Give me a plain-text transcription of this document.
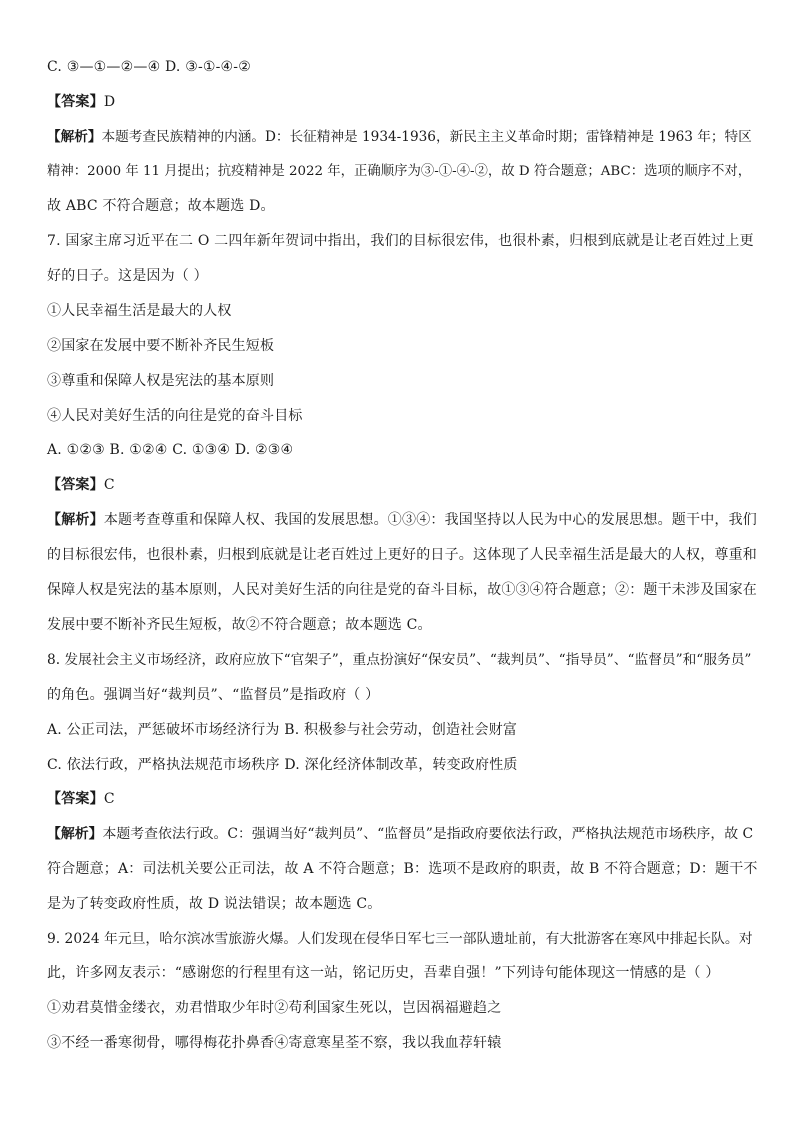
C. ③—①—②—④ D. ③-①-④-②
【答案】D
【解析】本题考查民族精神的内涵。D：长征精神是 1934-1936，新民主主义革命时期；雷锋精神是 1963 年；特区
精神：2000 年 11 月提出；抗疫精神是 2022 年，正确顺序为③-①-④-②，故 D 符合题意；ABC：选项的顺序不对，
故 ABC 不符合题意；故本题选 D。
7. 国家主席习近平在二 O 二四年新年贺词中指出，我们的目标很宏伟，也很朴素，归根到底就是让老百姓过上更
好的日子。这是因为（ ）
①人民幸福生活是最大的人权
②国家在发展中要不断补齐民生短板
③尊重和保障人权是宪法的基本原则
④人民对美好生活的向往是党的奋斗目标
A. ①②③ B. ①②④ C. ①③④ D. ②③④
【答案】C
【解析】本题考查尊重和保障人权、我国的发展思想。①③④：我国坚持以人民为中心的发展思想。题干中，我们
的目标很宏伟，也很朴素，归根到底就是让老百姓过上更好的日子。这体现了人民幸福生活是最大的人权，尊重和
保障人权是宪法的基本原则，人民对美好生活的向往是党的奋斗目标，故①③④符合题意；②：题干未涉及国家在
发展中要不断补齐民生短板，故②不符合题意；故本题选 C。
8. 发展社会主义市场经济，政府应放下“官架子”，重点扮演好“保安员”、“裁判员”、“指导员”、“监督员”和“服务员”
的角色。强调当好“裁判员”、“监督员”是指政府（ ）
A. 公正司法，严惩破坏市场经济行为 B. 积极参与社会劳动，创造社会财富
C. 依法行政，严格执法规范市场秩序 D. 深化经济体制改革，转变政府性质
【答案】C
【解析】本题考查依法行政。C：强调当好“裁判员”、“监督员”是指政府要依法行政，严格执法规范市场秩序，故 C
符合题意；A：司法机关要公正司法，故 A 不符合题意；B：选项不是政府的职责，故 B 不符合题意；D：题干不
是为了转变政府性质，故 D 说法错误；故本题选 C。
9. 2024 年元旦，哈尔滨冰雪旅游火爆。人们发现在侵华日军七三一部队遗址前，有大批游客在寒风中排起长队。对
此，许多网友表示：“感谢您的行程里有这一站，铭记历史，吾辈自强！”下列诗句能体现这一情感的是（ ）
①劝君莫惜金缕衣，劝君惜取少年时②苟利国家生死以，岂因祸福避趋之
③不经一番寒彻骨，哪得梅花扑鼻香④寄意寒星荃不察，我以我血荐轩辕
